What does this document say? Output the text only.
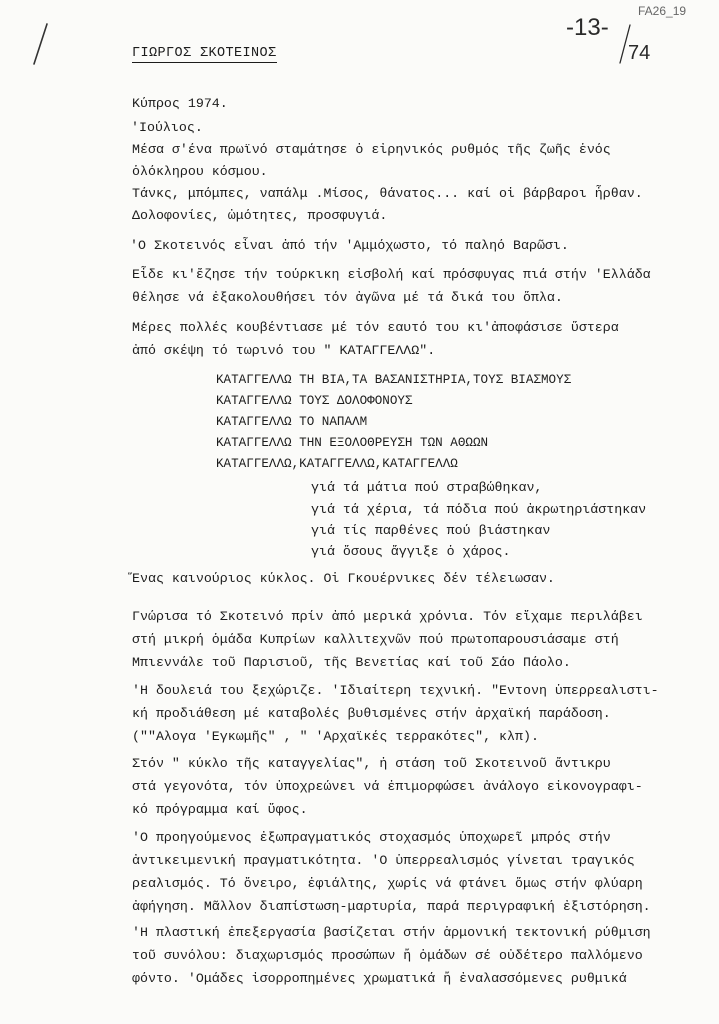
FA26_19
-13-
74
ΓΙΩΡΓΟΣ ΣΚΟΤΕΙΝΟΣ
Κύπρος 1974.
'Ιούλιος.
Μέσα σ'ένα πρωϊνό σταμάτησε ὁ εἰρηνικός ρυθμός τῆς ζωῆς ἑνός
ὁλόκληρου κόσμου.
Τάνκς, μπόμπες, ναπάλμ .Μίσος, θάνατος... καί οἱ βάρβαροι ἦρθαν.
Δολοφονίες, ὠμότητες, προσφυγιά.
'Ο Σκοτεινός εἶναι ἀπό τήν 'Αμμόχωστο, τό παληό Βαρῶσι.
Εἶδε κι'ἔζησε τήν τούρκικη εἰσβολή καί πρόσφυγας πιά στήν 'Ελλάδα
θέλησε νά ἐξακολουθήσει τόν ἀγῶνα μέ τά δικά του ὅπλα.
Μέρες πολλές κουβέντιασε μέ τόν εαυτό του κι'ἀποφάσισε ὕστερα
ἀπό σκέψη τό τωρινό του " ΚΑΤΑΓΓΕΛΛΩ".
ΚΑΤΑΓΓΕΛΛΩ ΤΗ ΒΙΑ,ΤΑ ΒΑΣΑΝΙΣΤΗΡΙΑ,ΤΟΥΣ ΒΙΑΣΜΟΥΣ
ΚΑΤΑΓΓΕΛΛΩ ΤΟΥΣ ΔΟΛΟΦΟΝΟΥΣ
ΚΑΤΑΓΓΕΛΛΩ ΤΟ ΝΑΠΑΛΜ
ΚΑΤΑΓΓΕΛΛΩ ΤΗΝ ΕΞΟΛΟΘΡΕΥΣΗ ΤΩΝ ΑΘΩΩΝ
ΚΑΤΑΓΓΕΛΛΩ,ΚΑΤΑΓΓΕΛΛΩ,ΚΑΤΑΓΓΕΛΛΩ
γιά τά μάτια πού στραβώθηκαν,
γιά τά χέρια, τά πόδια πού ἀκρωτηριάστηκαν
γιά τίς παρθένες πού βιάστηκαν
γιά ὅσους ἄγγιξε ὁ χάρος.
Ἕνας καινούριος κύκλος. Οἱ Γκουέρνικες δέν τέλειωσαν.
Γνώρισα τό Σκοτεινό πρίν ἀπό μερικά χρόνια. Τόν εἴχαμε περιλάβει
στή μικρή ὁμάδα Κυπρίων καλλιτεχνῶν πού πρωτοπαρουσιάσαμε στή
Μπιεννάλε τοῦ Παρισιοῦ, τῆς Βενετίας καί τοῦ Σάο Πάολο.
'Η δουλειά του ξεχώριζε. 'Ιδιαίτερη τεχνική. "Εντονη ὑπερρεαλιστι-
κή προδιάθεση μέ καταβολές βυθισμένες στήν ἀρχαϊκή παράδοση.
(""Αλογα 'Εγκωμῆς" , " 'Αρχαϊκές τερρακότες", κλπ).
Στόν " κύκλο τῆς καταγγελίας", ἡ στάση τοῦ Σκοτεινοῦ ἄντικρυ
στά γεγονότα, τόν ὑποχρεώνει νά ἐπιμορφώσει ἀνάλογο εἰκονογραφι-
κό πρόγραμμα καί ὕφος.
'Ο προηγούμενος ἐξωπραγματικός στοχασμός ὑποχωρεῖ μπρός στήν
ἀντικειμενική πραγματικότητα. 'Ο ὑπερρεαλισμός γίνεται τραγικός
ρεαλισμός. Τό ὄνειρο, ἐφιάλτης, χωρίς νά φτάνει ὅμως στήν φλύαρη
ἀφήγηση. Μᾶλλον διαπίστωση-μαρτυρία, παρά περιγραφική ἐξιστόρηση.
'Η πλαστική ἐπεξεργασία βασίζεται στήν ἁρμονική τεκτονική ρύθμιση
τοῦ συνόλου: διαχωρισμός προσώπων ἤ ὁμάδων σέ οὐδέτερο παλλόμενο
φόντο. 'Ομάδες ἰσορροπημένες χρωματικά ἤ ἐναλασσόμενες ρυθμικά
